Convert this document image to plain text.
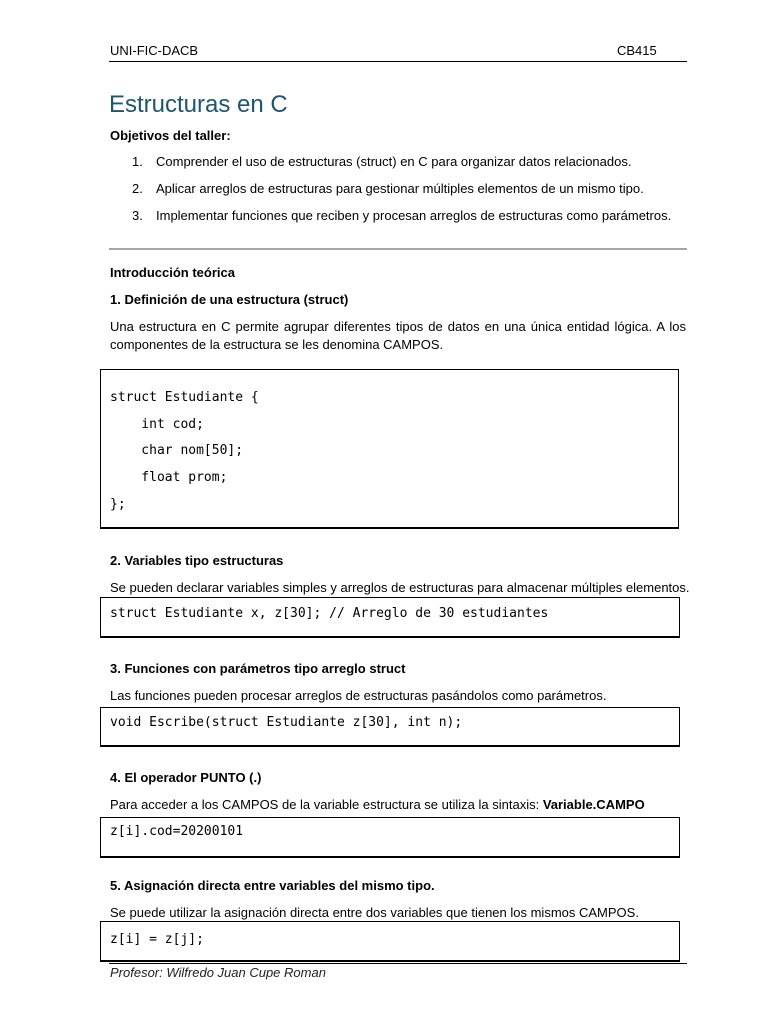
UNI-FIC-DACB	CB415
Estructuras en C
Objetivos del taller:
1.	Comprender el uso de estructuras (struct) en C para organizar datos relacionados.
2.	Aplicar arreglos de estructuras para gestionar múltiples elementos de un mismo tipo.
3.	Implementar funciones que reciben y procesan arreglos de estructuras como parámetros.
Introducción teórica
1. Definición de una estructura (struct)
Una estructura en C permite agrupar diferentes tipos de datos en una única entidad lógica. A los componentes de la estructura se les denomina CAMPOS.
struct Estudiante {
int cod;
char nom[50];
float prom;
};
2. Variables tipo estructuras
Se pueden declarar variables simples y arreglos de estructuras para almacenar múltiples elementos.
struct Estudiante x, z[30]; // Arreglo de 30 estudiantes
3. Funciones con parámetros tipo arreglo struct
Las funciones pueden procesar arreglos de estructuras pasándolos como parámetros.
void Escribe(struct Estudiante z[30], int n);
4. El operador PUNTO (.)
Para acceder a los CAMPOS de la variable estructura se utiliza la sintaxis: Variable.CAMPO
z[i].cod=20200101
5. Asignación directa entre variables del mismo tipo.
Se puede utilizar la asignación directa entre dos variables que tienen los mismos CAMPOS.
z[i] = z[j];
Profesor: Wilfredo Juan Cupe Roman
